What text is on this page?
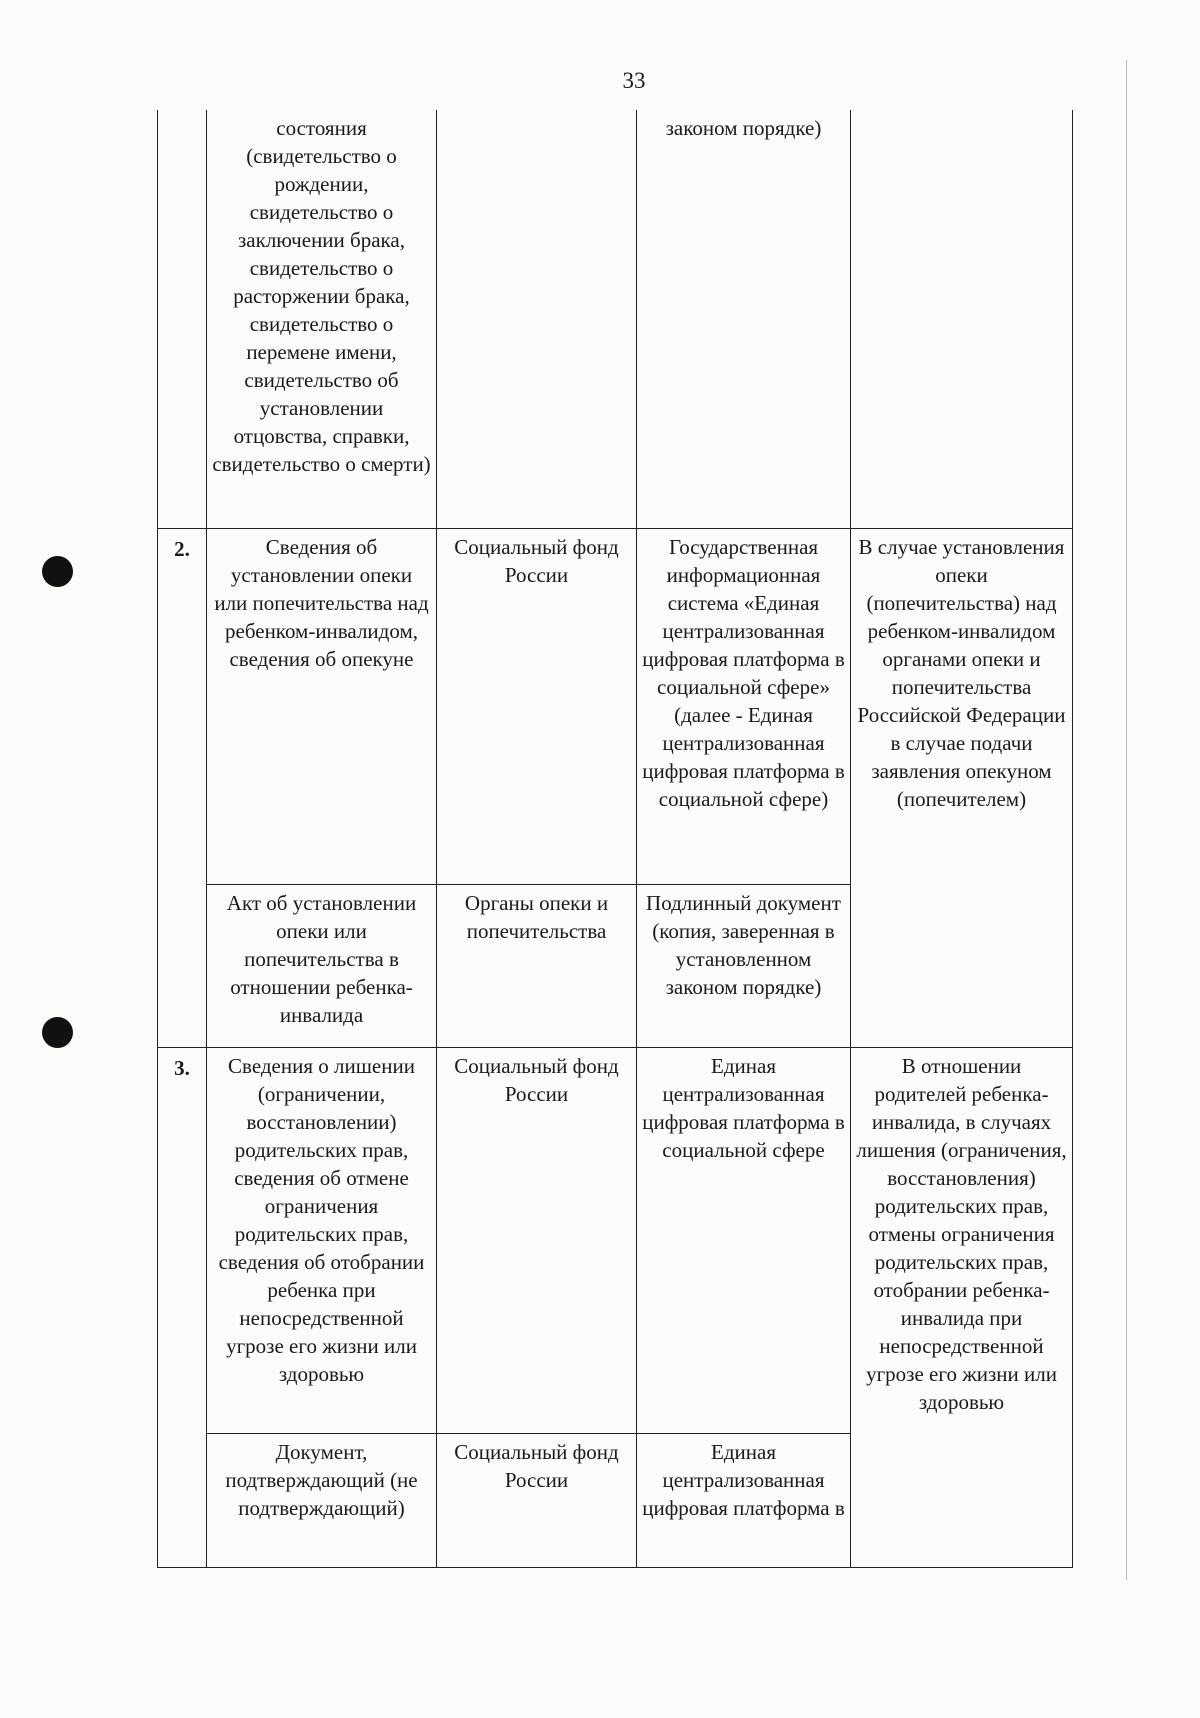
33
	состояния (свидетельство о рождении, свидетельство о заключении брака, свидетельство о расторжении брака, свидетельство о перемене имени, свидетельство об установлении отцовства, справки, свидетельство о смерти)		законом порядке)	
2.	Сведения об установлении опеки или попечительства над ребенком-инвалидом, сведения об опекуне	Социальный фонд России	Государственная информационная система «Единая централизованная цифровая платформа в социальной сфере» (далее - Единая централизованная цифровая платформа в социальной сфере)	В случае установления опеки (попечительства) над ребенком-инвалидом органами опеки и попечительства Российской Федерации в случае подачи заявления опекуном (попечителем)
	Акт об установлении опеки или попечительства в отношении ребенка-инвалида	Органы опеки и попечительства	Подлинный документ (копия, заверенная в установленном законом порядке)	
3.	Сведения о лишении (ограничении, восстановлении) родительских прав, сведения об отмене ограничения родительских прав, сведения об отобрании ребенка при непосредственной угрозе его жизни или здоровью	Социальный фонд России	Единая централизованная цифровая платформа в социальной сфере	В отношении родителей ребенка-инвалида, в случаях лишения (ограничения, восстановления) родительских прав, отмены ограничения родительских прав, отобрании ребенка-инвалида при непосредственной угрозе его жизни или здоровью
	Документ, подтверждающий (не подтверждающий)	Социальный фонд России	Единая централизованная цифровая платформа в	
